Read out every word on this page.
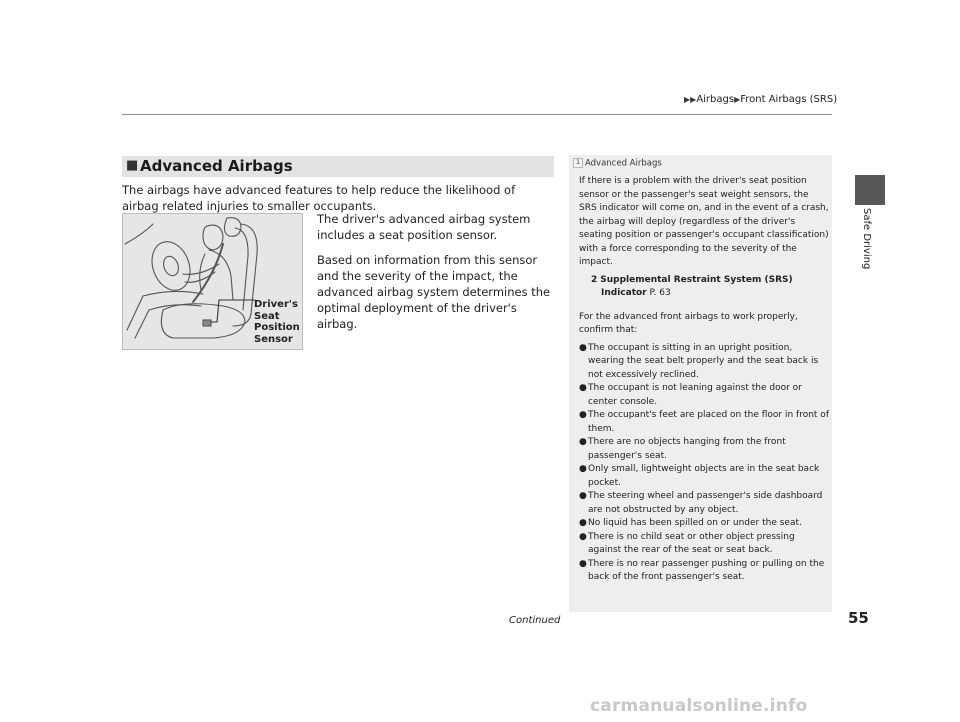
▶▶Airbags▶Front Airbags (SRS)
Safe Driving
■ Advanced Airbags
The airbags have advanced features to help reduce the likelihood of airbag related injuries to smaller occupants.
Driver's
Seat
Position
Sensor

The driver's advanced airbag system includes a seat position sensor.

Based on information from this sensor and the severity of the impact, the advanced airbag system determines the optimal deployment of the driver's airbag.

1 Advanced Airbags

If there is a problem with the driver's seat position sensor or the passenger's seat weight sensors, the SRS indicator will come on, and in the event of a crash, the airbag will deploy (regardless of the driver's seating position or passenger's occupant classification) with a force corresponding to the severity of the impact.

2 Supplemental Restraint System (SRS) Indicator P. 63

For the advanced front airbags to work properly, confirm that:

● The occupant is sitting in an upright position, wearing the seat belt properly and the seat back is not excessively reclined.
● The occupant is not leaning against the door or center console.
● The occupant's feet are placed on the floor in front of them.
● There are no objects hanging from the front passenger's seat.
● Only small, lightweight objects are in the seat back pocket.
● The steering wheel and passenger's side dashboard are not obstructed by any object.
● No liquid has been spilled on or under the seat.
● There is no child seat or other object pressing against the rear of the seat or seat back.
● There is no rear passenger pushing or pulling on the back of the front passenger's seat.
Continued	55
carmanualsonline.info
